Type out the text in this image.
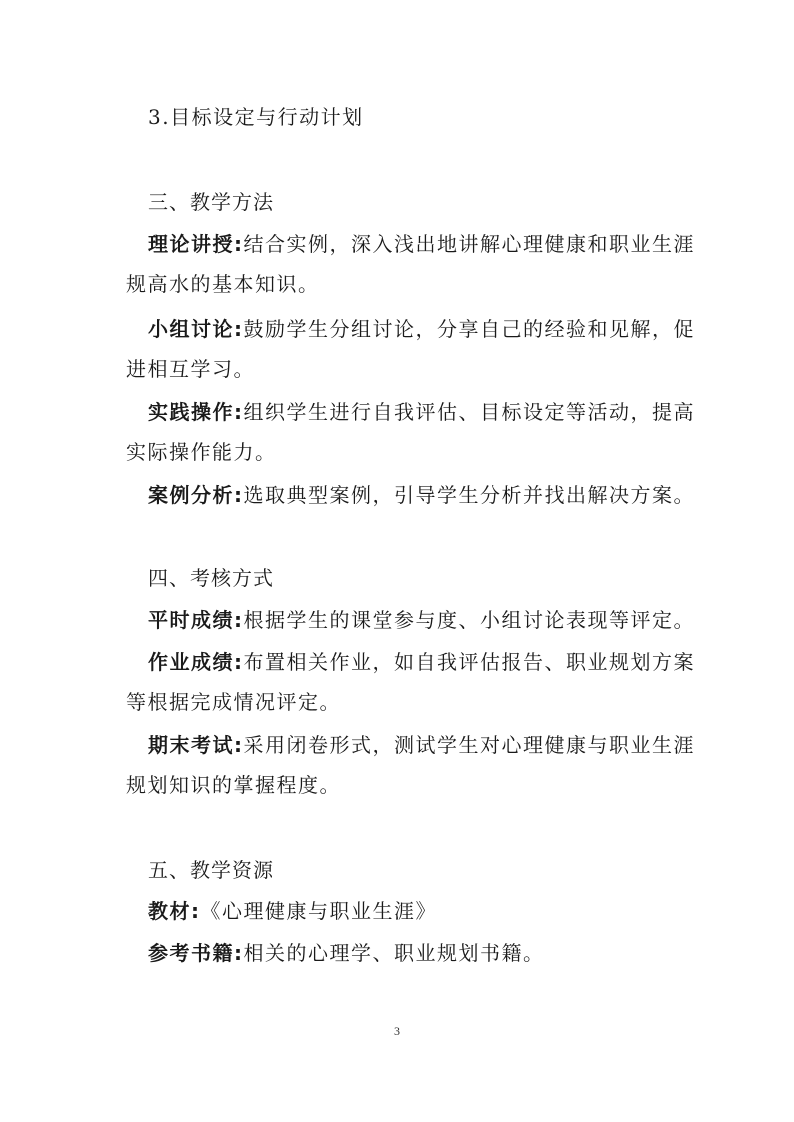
3.目标设定与行动计划
三、教学方法
理论讲授:结合实例，深入浅出地讲解心理健康和职业生涯
规高水的基本知识。
小组讨论:鼓励学生分组讨论，分享自己的经验和见解，促
进相互学习。
实践操作:组织学生进行自我评估、目标设定等活动，提高
实际操作能力。
案例分析:选取典型案例，引导学生分析并找出解决方案。
四、考核方式
平时成绩:根据学生的课堂参与度、小组讨论表现等评定。
作业成绩:布置相关作业，如自我评估报告、职业规划方案
等根据完成情况评定。
期末考试:采用闭卷形式，测试学生对心理健康与职业生涯
规划知识的掌握程度。
五、教学资源
教材:《心理健康与职业生涯》
参考书籍:相关的心理学、职业规划书籍。
3
